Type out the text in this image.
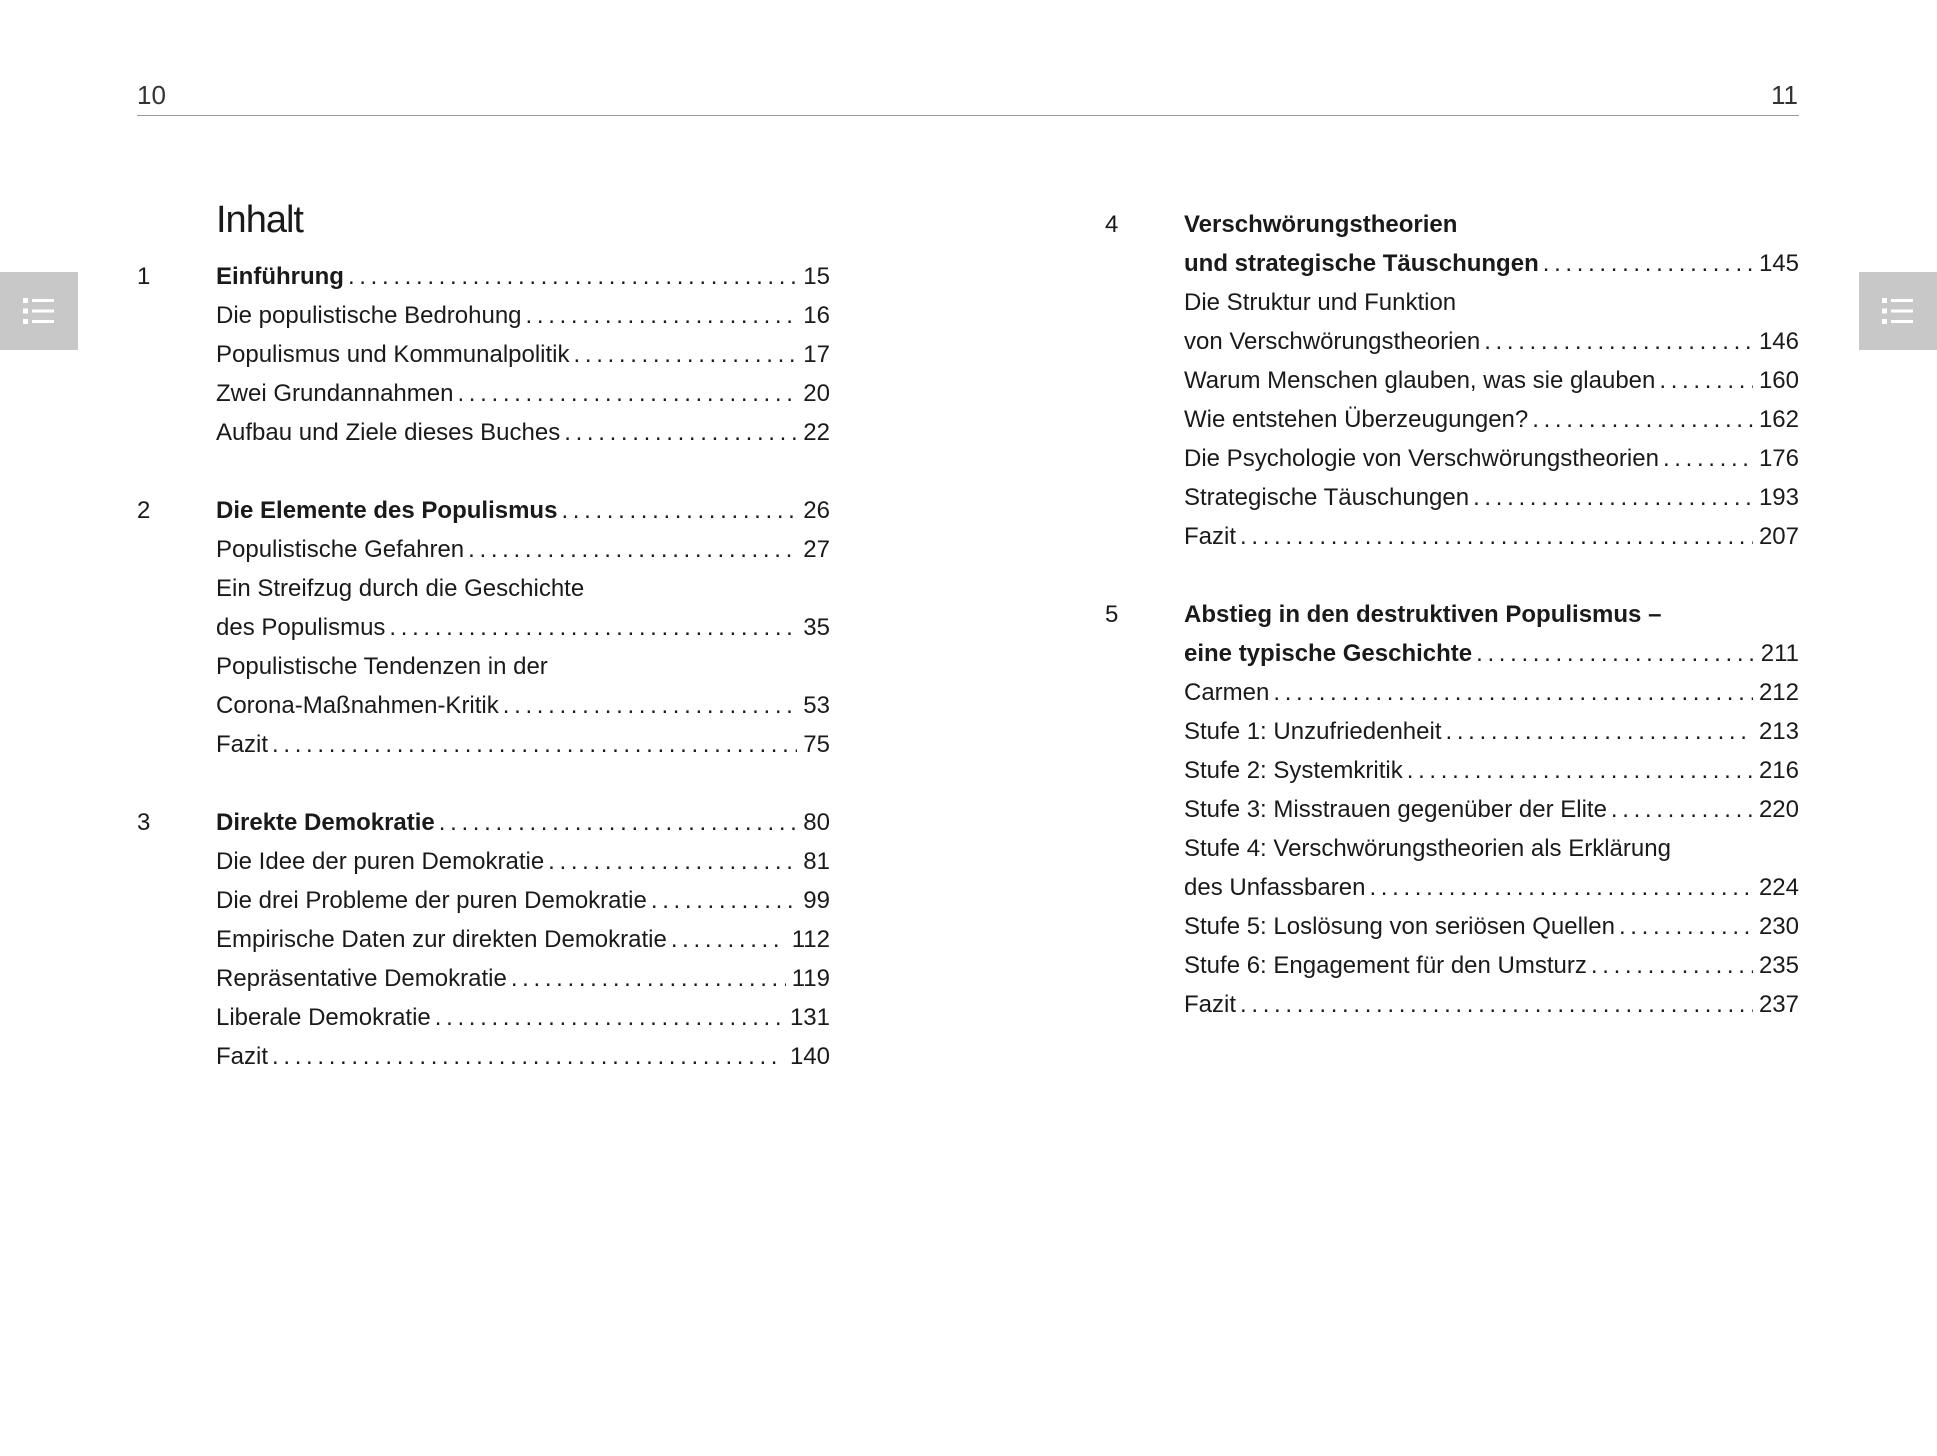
10	11
Inhalt
1	Einführung . . .	15
Die populistische Bedrohung . . .	16
Populismus und Kommunalpolitik . . .	17
Zwei Grundannahmen . . .	20
Aufbau und Ziele dieses Buches . . .	22
2	Die Elemente des Populismus . . .	26
Populistische Gefahren . . .	27
Ein Streifzug durch die Geschichte
des Populismus . . .	35
Populistische Tendenzen in der
Corona-Maßnahmen-Kritik . . .	53
Fazit . . .	75
3	Direkte Demokratie . . .	80
Die Idee der puren Demokratie . . .	81
Die drei Probleme der puren Demokratie . . .	99
Empirische Daten zur direkten Demokratie . . .	112
Repräsentative Demokratie . . .	119
Liberale Demokratie . . .	131
Fazit . . .	140
4	Verschwörungstheorien
und strategische Täuschungen . . .	145
Die Struktur und Funktion
von Verschwörungstheorien . . .	146
Warum Menschen glauben, was sie glauben . . .	160
Wie entstehen Überzeugungen? . . .	162
Die Psychologie von Verschwörungstheorien . . .	176
Strategische Täuschungen . . .	193
Fazit . . .	207
5	Abstieg in den destruktiven Populismus –
eine typische Geschichte . . .	211
Carmen . . .	212
Stufe 1: Unzufriedenheit . . .	213
Stufe 2: Systemkritik . . .	216
Stufe 3: Misstrauen gegenüber der Elite . . .	220
Stufe 4: Verschwörungstheorien als Erklärung
des Unfassbaren . . .	224
Stufe 5: Loslösung von seriösen Quellen . . .	230
Stufe 6: Engagement für den Umsturz . . .	235
Fazit . . .	237
